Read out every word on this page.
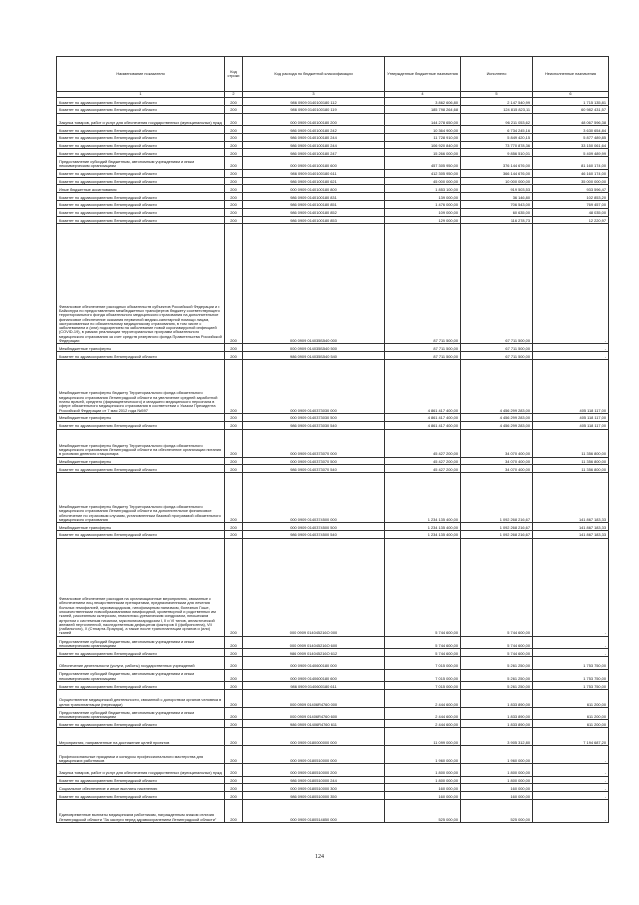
Наименование показателя	Код строки	Код расхода по бюджетной классификации	Утвержденные бюджетные назначения	Исполнено	Неисполненные назначения
1	2	3	4	5	6
Комитет по здравоохранению Ленинградской области	200	986 0909 0140100180 112	3 862 606,80	2 147 540,99	1 715 135,81
Комитет по здравоохранению Ленинградской области	200	986 0909 0140100180 119	185 798 264,68	124 815 823,11	60 982 431,57
Закупка товаров, работ и услуг для обеспечения государственных (муниципальных) нужд	200	000 0909 0140100180 200	144 278 650,00	96 211 053,62	48 067 596,38
Комитет по здравоохранению Ленинградской области	200	986 0909 0140100180 242	10 364 900,00	6 734 245,16	3 630 654,84
Комитет по здравоохранению Ленинградской области	200	986 0909 0140100180 244	11 728 910,00	5 849 420,15	5 877 489,85
Комитет по здравоохранению Ленинградской области	200	986 0909 0140100180 244	106 920 840,00	73 770 878,36	33 150 061,64
Комитет по здравоохранению Ленинградской области	200	986 0909 0140100180 247	15 266 000,00	9 856 510,01	5 409 489,99
Предоставление субсидий бюджетным, автономным учреждениям и иным некоммерческим организациям	200	000 0909 0140100180 600	457 305 950,00	376 144 676,00	81 160 174,00
Комитет по здравоохранению Ленинградской области	200	986 0909 0140100180 611	412 305 950,00	366 144 676,00	46 160 174,00
Комитет по здравоохранению Ленинградской области	200	986 0909 0140100180 621	45 000 000,00	10 000 000,00	35 000 000,00
Иные бюджетные ассигнования	200	000 0909 0140100180 800	1 853 100,00	919 503,53	933 596,47
Комитет по здравоохранению Ленинградской области	200	986 0909 0140100180 831	139 000,00	36 146,80	102 853,20
Комитет по здравоохранению Ленинградской области	200	986 0909 0140100180 851	1 476 000,00	706 543,00	769 457,00
Комитет по здравоохранению Ленинградской области	200	986 0909 0140100180 852	109 000,00	60 635,00	48 035,00
Комитет по здравоохранению Ленинградской области	200	986 0909 0140100180 853	129 000,00	116 278,73	12 220,97
Финансовое обеспечение расходных обязательств субъектов Российской Федерации и г. Байконура по предоставлению межбюджетных трансфертов бюджету соответствующего территориального фонда обязательного медицинского страхования на дополнительное финансовое обеспечение оказания первичной медико-санитарной помощи лицам, застрахованным по обязательному медицинскому страхованию, в том числе с заболеванием и (или) подозрением на заболевание новой коронавирусной инфекцией (COVID-19), в рамках реализации территориальных программ обязательного медицинского страхования за счет средств резервного фонда Правительства Российской Федерации	200	000 0909 014035Б540 000	87 711 500,00	67 711 500,00	-
Межбюджетные трансферты	200	000 0909 014035Б540 500	87 711 500,00	67 711 500,00	-
Комитет по здравоохранению Ленинградской области	200	986 0909 014035Б540 540	87 711 500,00	67 711 500,00	-
Межбюджетные трансферты бюджету Территориального фонда обязательного медицинского страхования Ленинградской области на увеличение средней заработной платы врачей, среднего (фармацевтического) и младшего медицинского персонала в сфере обязательного медицинского страхования в соответствии с Указом Президента Российской Федерации от 7 мая 2012 года №597	200	000 0909 0140373030 000	4 861 417 400,00	4 456 299 283,00	405 118 117,00
Межбюджетные трансферты	200	000 0909 0140373030 500	4 861 417 400,00	4 456 299 283,00	405 118 117,00
Комитет по здравоохранению Ленинградской области	200	986 0909 0140373030 540	4 861 417 400,00	4 456 299 283,00	405 118 117,00
Межбюджетные трансферты бюджету Территориального фонда обязательного медицинского страхования Ленинградской области на обеспечение организации питания в условиях дневного стационара	200	000 0909 0140373070 000	45 427 200,00	34 070 400,00	11 356 800,00
Межбюджетные трансферты	200	000 0909 0140373070 500	45 427 200,00	34 070 400,00	11 356 800,00
Комитет по здравоохранению Ленинградской области	200	986 0909 0140373070 540	45 427 200,00	34 070 400,00	11 356 800,00
Межбюджетные трансферты бюджету Территориального фонда обязательного медицинского страхования Ленинградской области на дополнительное финансовое обеспечение по страховым случаям, установленным базовой программой обязательного медицинского страхования	200	000 0909 0140374500 000	1 234 135 400,00	1 092 268 216,67	141 867 183,33
Межбюджетные трансферты	200	000 0909 0140374500 500	1 234 135 400,00	1 092 268 216,67	141 867 183,33
Комитет по здравоохранению Ленинградской области	200	986 0909 0140374500 540	1 234 135 400,00	1 092 268 216,67	141 867 183,33
Финансовое обеспечение расходов на организационные мероприятия, связанные с обеспечением лиц лекарственными препаратами, предназначенными для лечения больных гемофилией, муковисцидозом, гипофизарным нанизмом, болезнью Гоше, злокачественными новообразованиями лимфоидной, кроветворной и родственных им тканей, рассеянным склерозом, гемолитико-уремическим синдромом, юношеским артритом с системным началом, мукополисахаридозом I, II и VI типов, апластической анемией неуточненной, наследственным дефицитом факторов II (фибриногена), VII (лабильного), X (Стюарта-Прауэра), а также после трансплантации органов и (или) тканей	200	000 0909 014045216О 000	5 744 600,00	5 744 600,00	-
Предоставление субсидий бюджетным, автономным учреждениям и иным некоммерческим организациям	200	000 0909 014045216О 600	5 744 600,00	5 744 600,00	-
Комитет по здравоохранению Ленинградской области	200	986 0909 014045216О 612	5 744 600,00	5 744 600,00	-
Обеспечение деятельности (услуги, работы) государственных учреждений	200	000 0909 0140600180 000	7 015 000,00	5 261 250,00	1 753 750,00
Предоставление субсидий бюджетным, автономным учреждениям и иным некоммерческим организациям	200	000 0909 0140600180 600	7 015 000,00	5 261 250,00	1 753 750,00
Комитет по здравоохранению Ленинградской области	200	986 0909 0140600180 611	7 015 000,00	5 261 250,00	1 753 750,00
Осуществление медицинской деятельности, связанной с донорством органов человека в целях трансплантации (пересадки)	200	000 0909 01406R4760 000	2 444 600,00	1 833 890,00	611 200,00
Предоставление субсидий бюджетным, автономным учреждениям и иным некоммерческим организациям	200	000 0909 01406R4760 600	2 444 600,00	1 833 890,00	611 200,00
Комитет по здравоохранению Ленинградской области	200	986 0909 01406R4760 611	2 444 600,00	1 833 890,00	611 200,00
Мероприятия, направленные на достижение целей проектов	200	000 0909 0180000000 000	11 099 000,00	3 905 312,80	7 194 687,20
Профессиональные праздники и конкурсы профессионального мастерства для медицинских работников	200	000 0909 0180510000 000	1 960 000,00	1 960 000,00	-
Закупка товаров, работ и услуг для обеспечения государственных (муниципальных) нужд	200	000 0909 0180510000 200	1 800 000,00	1 800 000,00	-
Комитет по здравоохранению Ленинградской области	200	986 0909 0180510000 244	1 800 000,00	1 800 000,00	-
Социальное обеспечение и иные выплаты населению	200	000 0909 0180510000 300	160 000,00	160 000,00	-
Комитет по здравоохранению Ленинградской области	200	986 0909 0180510000 350	160 000,00	160 000,00	-
Единовременные выплаты медицинским работникам, награжденным знаком отличия Ленинградской области "За заслуги перед здравоохранением Ленинградской области"	200	000 0909 0180514850 000	525 000,00	525 000,00	-
124
